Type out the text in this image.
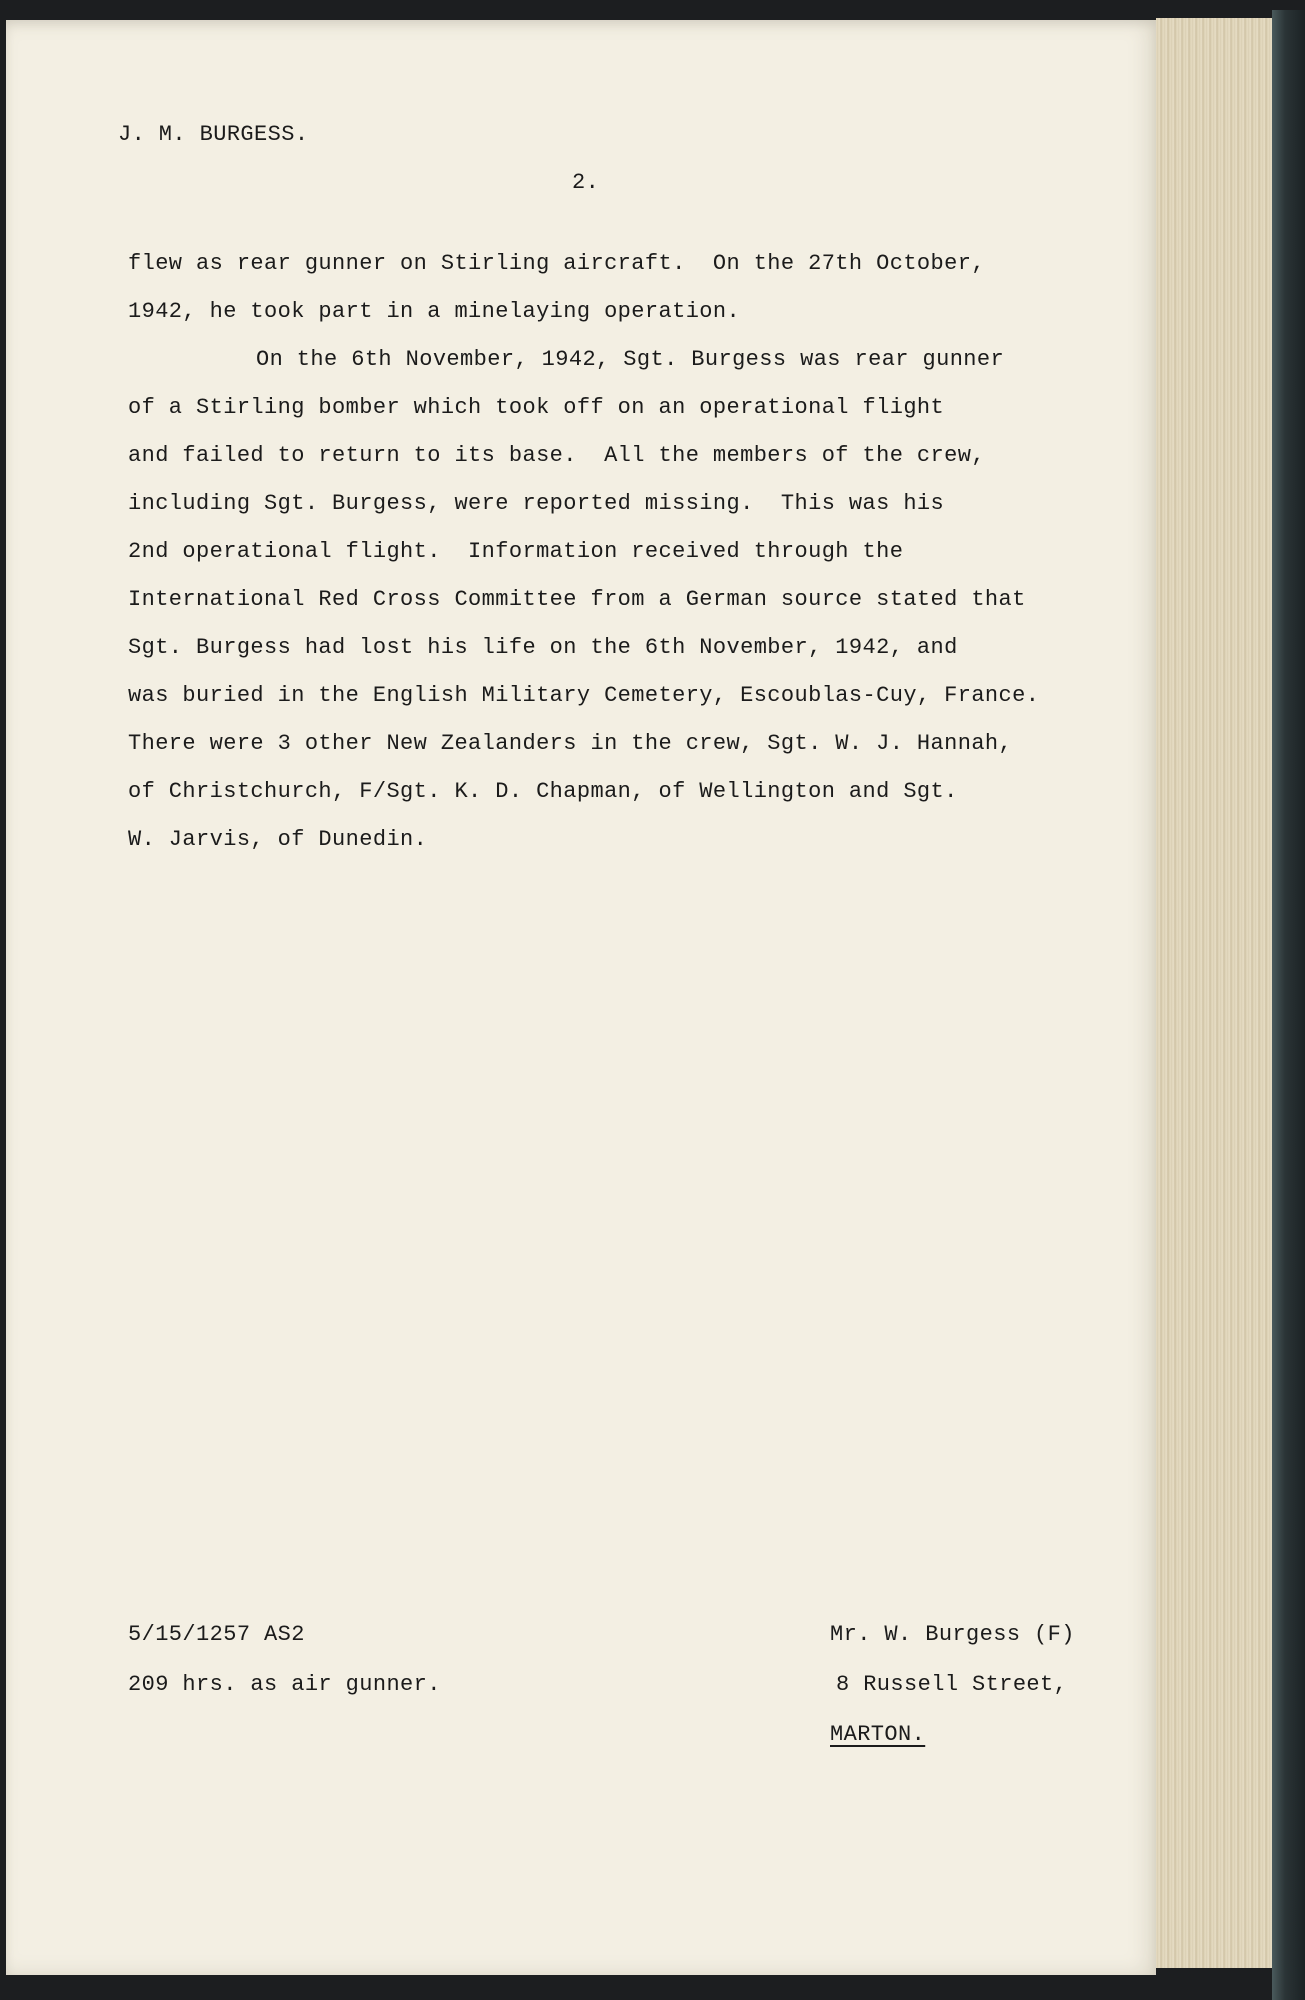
J. M. BURGESS.
2.
flew as rear gunner on Stirling aircraft.  On the 27th October,
1942, he took part in a minelaying operation.
On the 6th November, 1942, Sgt. Burgess was rear gunner
of a Stirling bomber which took off on an operational flight
and failed to return to its base.  All the members of the crew,
including Sgt. Burgess, were reported missing.  This was his
2nd operational flight.  Information received through the
International Red Cross Committee from a German source stated that
Sgt. Burgess had lost his life on the 6th November, 1942, and
was buried in the English Military Cemetery, Escoublas-Cuy, France.
There were 3 other New Zealanders in the crew, Sgt. W. J. Hannah,
of Christchurch, F/Sgt. K. D. Chapman, of Wellington and Sgt.
W. Jarvis, of Dunedin.
5/15/1257 AS2
209 hrs. as air gunner.
Mr. W. Burgess (F)
8 Russell Street,
MARTON.
